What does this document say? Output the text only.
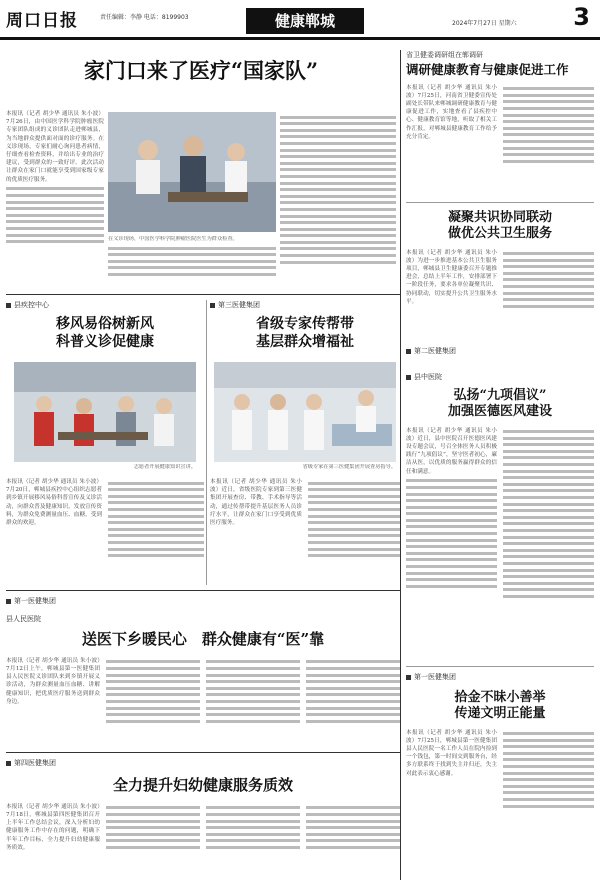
周口日报	责任编辑：李静 电话：8199903	健康郸城	2024年7月27日 星期六 3
家门口来了医疗“国家队”
本报讯（记者 胡少华 通讯员 朱小波）7月26日，由中国医学科学院肿瘤医院专家团队组成的义诊团队走进郸城县，为当地群众提供面对面的诊疗服务。在义诊现场，专家们耐心询问患者病情，仔细查看检查资料，并给出专业的治疗建议，受到群众的一致好评。此次活动让群众在家门口就能享受到国家级专家的优质医疗服务。
在义诊现场，中国医学科学院肿瘤医院医生为群众检查。
省卫健委调研组在郸调研
调研健康教育与健康促进工作
本报讯（记者 胡少华 通讯员 朱小波）7月25日，河南省卫健委宣传处副处长带队来郸城调研健康教育与健康促进工作，实地查看了县疾控中心、健康教育馆等地，听取了相关工作汇报，对郸城县健康教育工作给予充分肯定。
凝聚共识协同联动
做优公共卫生服务
本报讯（记者 胡少华 通讯员 朱小波）为进一步推进基本公共卫生服务项目，郸城县卫生健康委召开专题推进会，总结上半年工作，安排部署下一阶段任务，要求各单位凝聚共识、协同联动，切实提升公共卫生服务水平。
县疾控中心
移风易俗树新风
科普义诊促健康
志愿者开展健康知识宣讲。
本报讯（记者 胡少华 通讯员 朱小波）7月20日，郸城县疾控中心组织志愿者到乡镇开展移风易俗科普宣传及义诊活动，向群众普及健康知识，发放宣传资料，为群众免费测量血压、血糖，受到群众的欢迎。
第三医健集团
省级专家传帮带
基层群众增福祉
省级专家在第三医健集团开展查房指导。
本报讯（记者 胡少华 通讯员 朱小波）近日，省级医院专家到第三医健集团开展查房、带教、手术指导等活动，通过传帮带提升基层医务人员诊疗水平，让群众在家门口享受到优质医疗服务。
第二医健集团
县中医院
弘扬“九项倡议”
加强医德医风建设
本报讯（记者 胡少华 通讯员 朱小波）近日，县中医院召开医德医风建设专题会议，号召全体医务人员积极践行“九项倡议”，坚守医者初心，廉洁从医，以优质的服务赢得群众的信任和满意。
第一医健集团
县人民医院
送医下乡暖民心　群众健康有“医”靠
本报讯（记者 胡少华 通讯员 朱小波）7月12日上午，郸城县第一医健集团县人民医院义诊团队来到乡镇开展义诊活动，为群众测量血压血糖、讲解健康知识，把优质医疗服务送到群众身边。
第四医健集团
全力提升妇幼健康服务质效
本报讯（记者 胡少华 通讯员 朱小波）7月18日，郸城县第四医健集团召开上半年工作总结会议，深入分析妇幼健康服务工作中存在的问题，明确下半年工作目标，全力提升妇幼健康服务质效。
第一医健集团
拾金不昧小善举
传递文明正能量
本报讯（记者 胡少华 通讯员 朱小波）7月25日，郸城县第一医健集团县人民医院一名工作人员在院内捡到一个钱包，第一时间交到服务台，经多方联系终于找到失主并归还，失主对此表示衷心感谢。
